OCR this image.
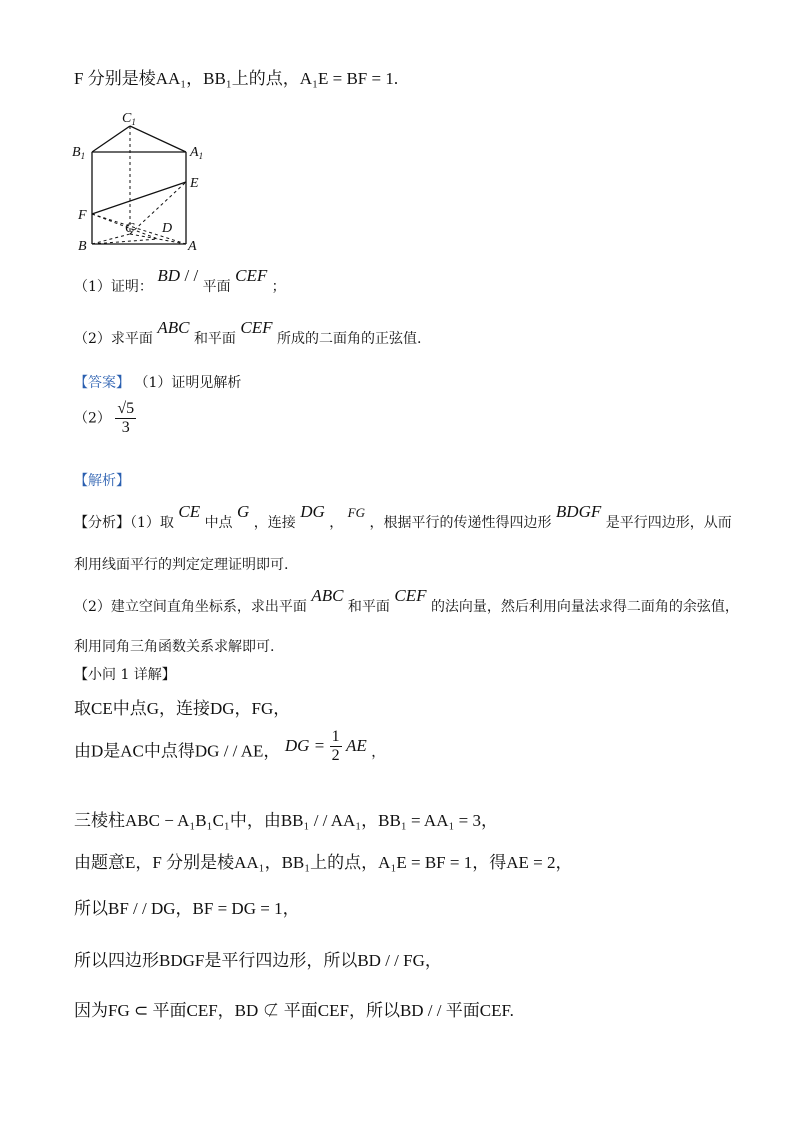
F 分别是棱AA₁，BB₁上的点，A₁E = BF = 1.
$C_1$
$B_1$	$A_1$
E
F
C D
B	A
（1）证明： BD / / 平面 CEF ；
（2）求平面 ABC 和平面 CEF 所成的二面角的正弦值.
【答案】 （1）证明见解析
$(2) \frac{√5}{3}$
【解析】
【分析】（1）取 CE 中点 G ，连接 DG ， FG ，根据平行的传递性得四边形 BDGF 是平行四边形，从而
利用线面平行的判定定理证明即可.
（2）建立空间直角坐标系，求出平面 ABC 和平面 CEF 的法向量，然后利用向量法求得二面角的余弦值，
利用同角三角函数关系求解即可.
【小问 1 详解】
取CE中点G，连接DG，FG，
由D是AC中点得DG / / AE， DG = $\frac{1}{2}$ AE ，
三棱柱ABC − A₁B₁C₁中，由BB₁ / / AA₁，BB₁ = AA₁ = 3，
由题意E，F 分别是棱AA₁，BB₁上的点，A₁E = BF = 1，得AE = 2，
所以BF / / DG，BF = DG = 1，
所以四边形BDGF是平行四边形，所以BD / / FG，
因为FG ⊂ 平面CEF，BD ⊄ 平面CEF，所以BD / / 平面CEF.
